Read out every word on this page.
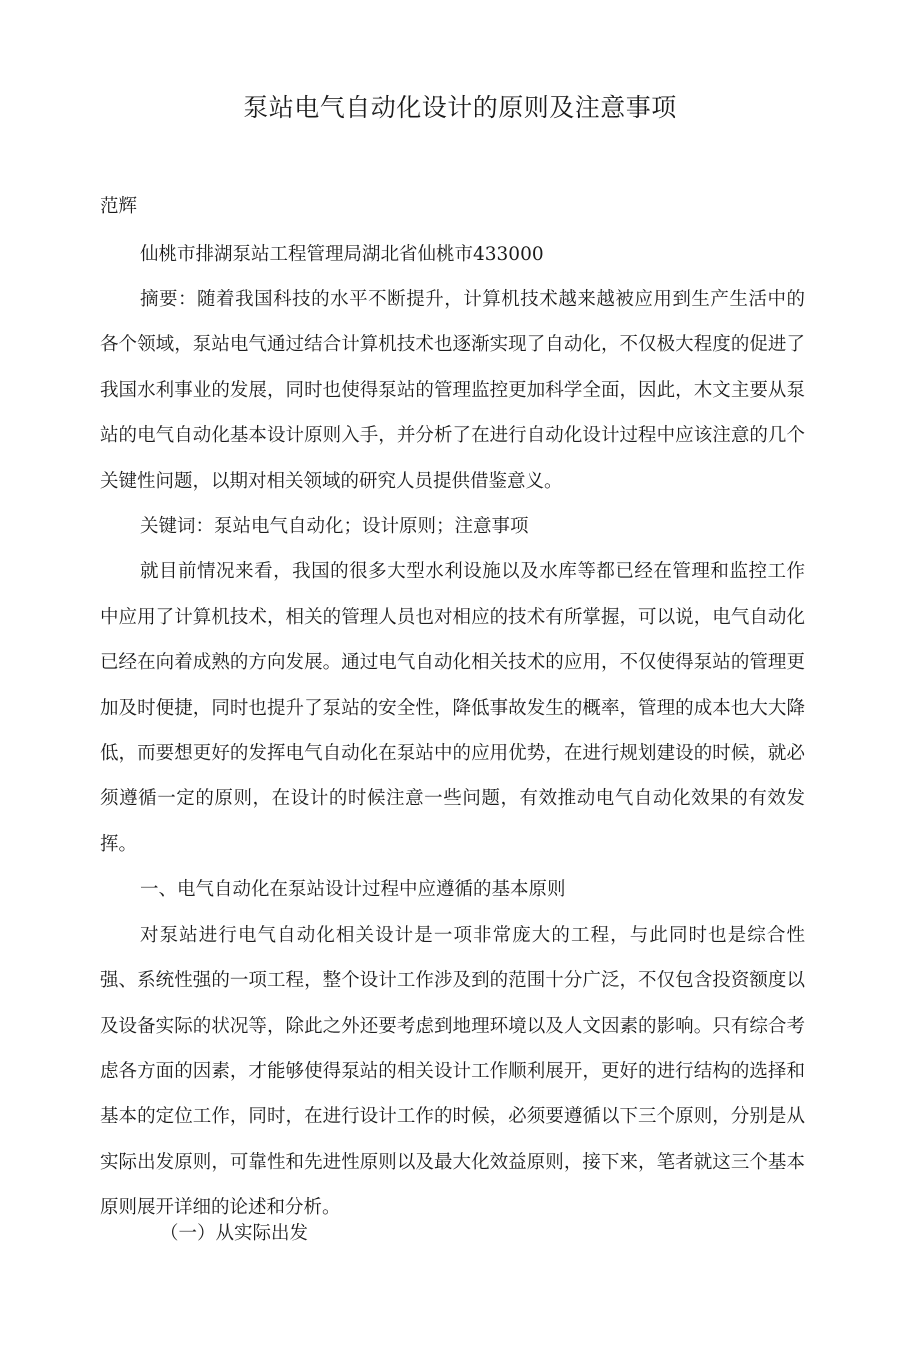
泵站电气自动化设计的原则及注意事项
范辉

仙桃市排湖泵站工程管理局湖北省仙桃市433000

摘要：随着我国科技的水平不断提升，计算机技术越来越被应用到生产生活中的各个领域，泵站电气通过结合计算机技术也逐渐实现了自动化，不仅极大程度的促进了我国水利事业的发展，同时也使得泵站的管理监控更加科学全面，因此，木文主要从泵站的电气自动化基本设计原则入手，并分析了在进行自动化设计过程中应该注意的几个关键性问题，以期对相关领域的研究人员提供借鉴意义。

关键词：泵站电气自动化；设计原则；注意事项

就目前情况来看，我国的很多大型水利设施以及水库等都已经在管理和监控工作中应用了计算机技术，相关的管理人员也对相应的技术有所掌握，可以说，电气自动化已经在向着成熟的方向发展。通过电气自动化相关技术的应用，不仅使得泵站的管理更加及时便捷，同时也提升了泵站的安全性，降低事故发生的概率，管理的成本也大大降低，而要想更好的发挥电气自动化在泵站中的应用优势，在进行规划建设的时候，就必须遵循一定的原则，在设计的时候注意一些问题，有效推动电气自动化效果的有效发挥。

一、电气自动化在泵站设计过程中应遵循的基本原则

对泵站进行电气自动化相关设计是一项非常庞大的工程，与此同时也是综合性强、系统性强的一项工程，整个设计工作涉及到的范围十分广泛，不仅包含投资额度以及设备实际的状况等，除此之外还要考虑到地理环境以及人文因素的影响。只有综合考虑各方面的因素，才能够使得泵站的相关设计工作顺利展开，更好的进行结构的选择和基本的定位工作，同时，在进行设计工作的时候，必须要遵循以下三个原则，分别是从实际出发原则，可靠性和先进性原则以及最大化效益原则，接下来，笔者就这三个基本原则展开详细的论述和分析。

（一）从实际出发
